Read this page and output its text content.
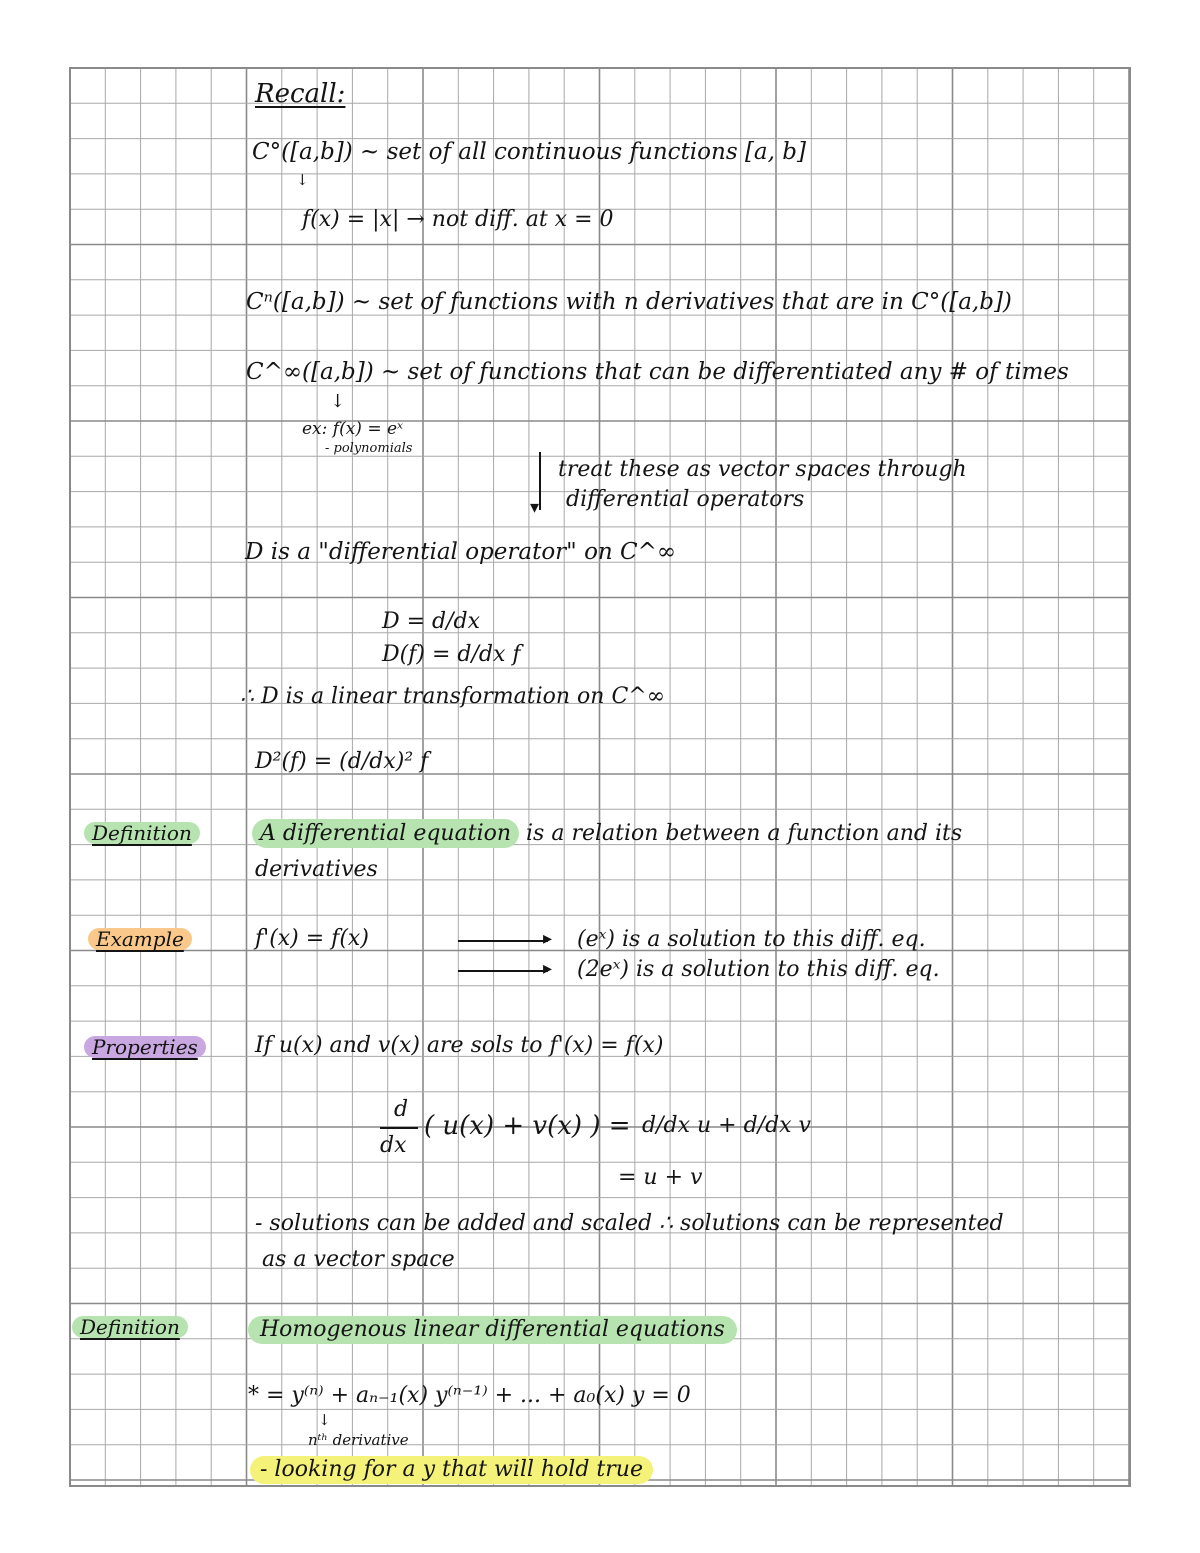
Recall:
C°([a,b]) ~ set of all continuous functions [a, b]
↓
f(x) = |x| → not diff. at x = 0
Cⁿ([a,b]) ~ set of functions with n derivatives that are in C°([a,b])
C^∞([a,b]) ~ set of functions that can be differentiated any # of times
↓
ex: f(x) = eˣ
- polynomials
▾
treat these as vector spaces through
differential operators
D is a "differential operator" on C^∞
D = d/dx
D(f) = d/dx f
∴ D is a linear transformation on C^∞
D²(f) = (d/dx)² f
Definition	A differential equation is a relation between a function and its
derivatives
Example	f'(x) = f(x)	▸ (eˣ) is a solution to this diff. eq.
▸ (2eˣ) is a solution to this diff. eq.
Properties	If u(x) and v(x) are sols to f'(x) = f(x)
d
dx
( u(x) + v(x) ) = d/dx u + d/dx v
= u + v
- solutions can be added and scaled ∴ solutions can be represented
as a vector space
Definition	Homogenous linear differential equations
* = y⁽ⁿ⁾ + aₙ₋₁(x) y⁽ⁿ⁻¹⁾ + ... + a₀(x) y = 0
↓
nᵗʰ derivative
- looking for a y that will hold true
